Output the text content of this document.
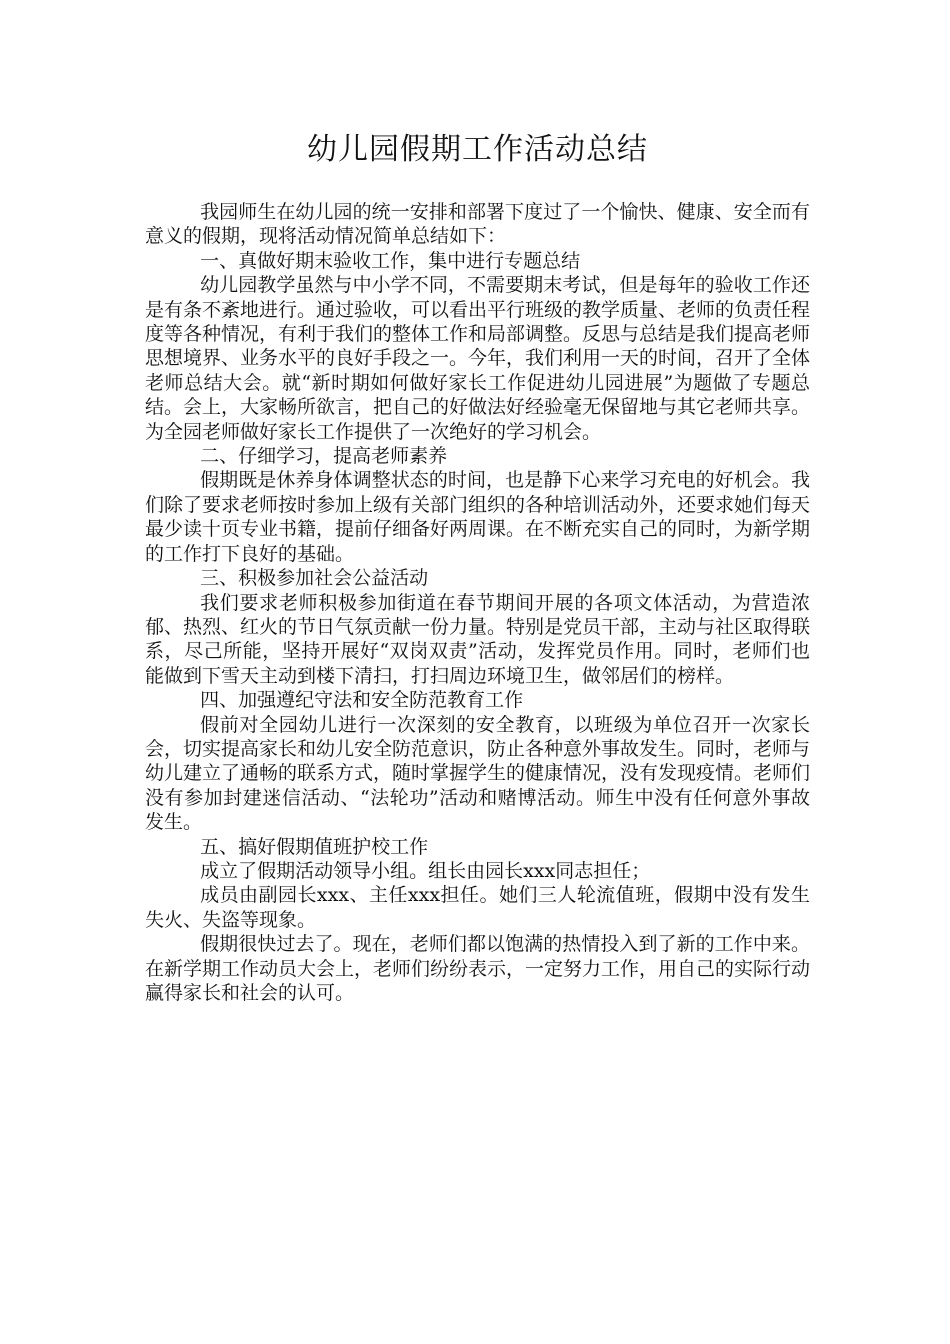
幼儿园假期工作活动总结

我园师生在幼儿园的统一安排和部署下度过了一个愉快、健康、安全而有意义的假期，现将活动情况简单总结如下：

一、真做好期末验收工作，集中进行专题总结

幼儿园教学虽然与中小学不同，不需要期末考试，但是每年的验收工作还是有条不紊地进行。通过验收，可以看出平行班级的教学质量、老师的负责任程度等各种情况，有利于我们的整体工作和局部调整。反思与总结是我们提高老师思想境界、业务水平的良好手段之一。今年，我们利用一天的时间，召开了全体老师总结大会。就“新时期如何做好家长工作促进幼儿园进展”为题做了专题总结。会上，大家畅所欲言，把自己的好做法好经验毫无保留地与其它老师共享。为全园老师做好家长工作提供了一次绝好的学习机会。

二、仔细学习，提高老师素养

假期既是休养身体调整状态的时间，也是静下心来学习充电的好机会。我们除了要求老师按时参加上级有关部门组织的各种培训活动外，还要求她们每天最少读十页专业书籍，提前仔细备好两周课。在不断充实自己的同时，为新学期的工作打下良好的基础。

三、积极参加社会公益活动

我们要求老师积极参加街道在春节期间开展的各项文体活动，为营造浓郁、热烈、红火的节日气氛贡献一份力量。特别是党员干部，主动与社区取得联系，尽己所能，坚持开展好“双岗双责”活动，发挥党员作用。同时，老师们也能做到下雪天主动到楼下清扫，打扫周边环境卫生，做邻居们的榜样。

四、加强遵纪守法和安全防范教育工作

假前对全园幼儿进行一次深刻的安全教育，以班级为单位召开一次家长会，切实提高家长和幼儿安全防范意识，防止各种意外事故发生。同时，老师与幼儿建立了通畅的联系方式，随时掌握学生的健康情况，没有发现疫情。老师们没有参加封建迷信活动、“法轮功”活动和赌博活动。师生中没有任何意外事故发生。

五、搞好假期值班护校工作

成立了假期活动领导小组。组长由园长xxx同志担任；

成员由副园长xxx、主任xxx担任。她们三人轮流值班，假期中没有发生失火、失盗等现象。

假期很快过去了。现在，老师们都以饱满的热情投入到了新的工作中来。在新学期工作动员大会上，老师们纷纷表示，一定努力工作，用自己的实际行动赢得家长和社会的认可。
